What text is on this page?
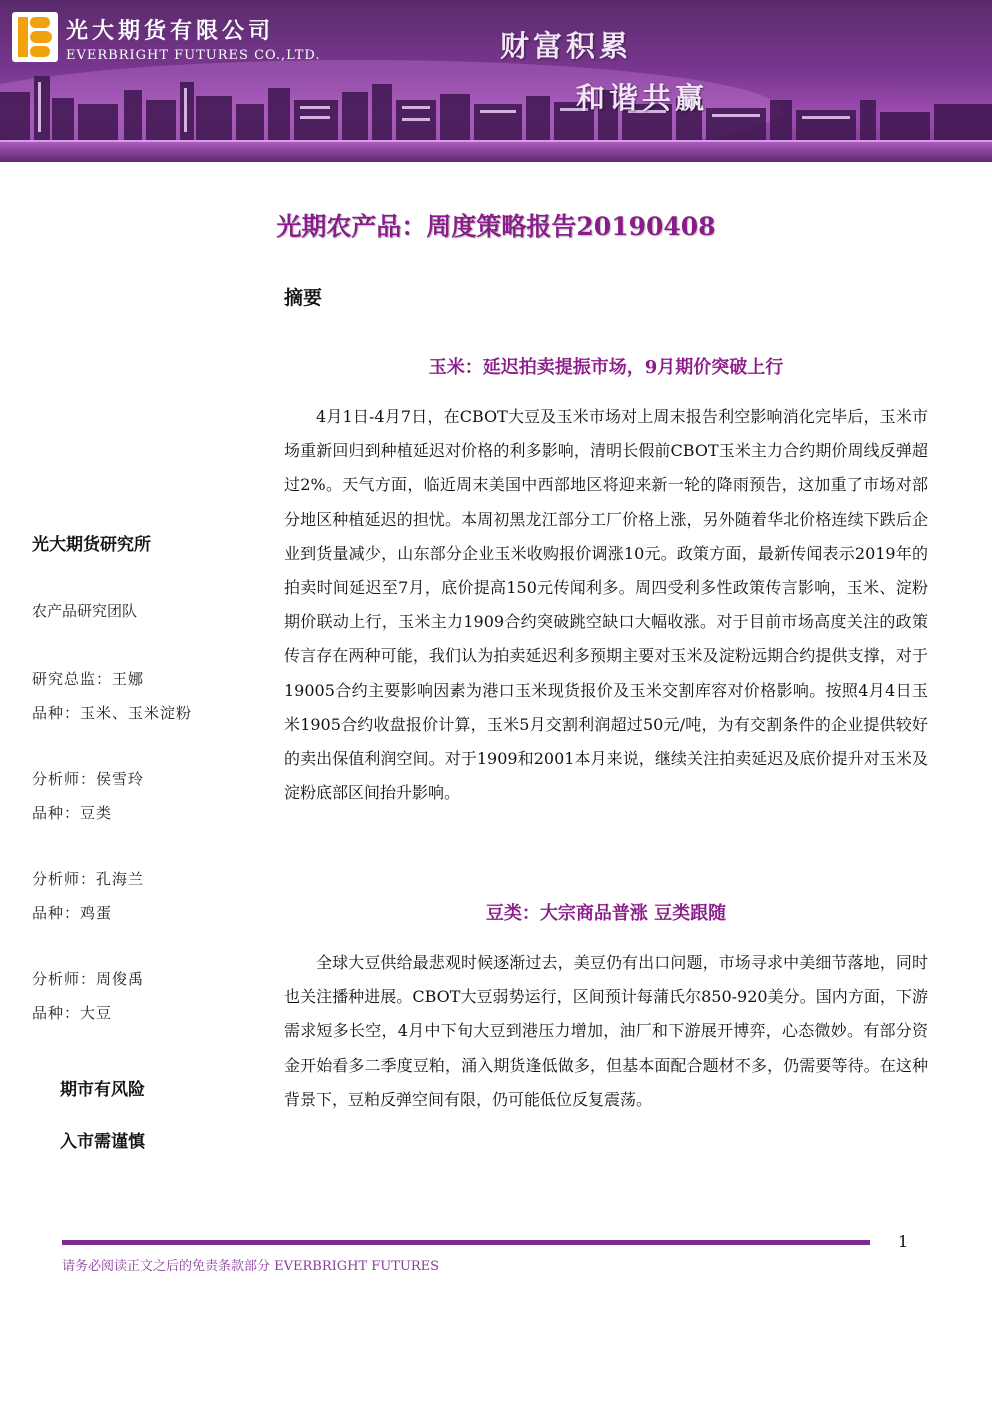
光大期货有限公司
EVERBRIGHT FUTURES CO.,LTD.	财富积累
和谐共赢
光期农产品：周度策略报告20190408
摘要
玉米：延迟拍卖提振市场，9月期价突破上行

4月1日-4月7日，在CBOT大豆及玉米市场对上周末报告利空影响消化完毕后，玉米市场重新回归到种植延迟对价格的利多影响，清明长假前CBOT玉米主力合约期价周线反弹超过2%。天气方面，临近周末美国中西部地区将迎来新一轮的降雨预告，这加重了市场对部分地区种植延迟的担忧。本周初黑龙江部分工厂价格上涨，另外随着华北价格连续下跌后企业到货量减少，山东部分企业玉米收购报价调涨10元。政策方面，最新传闻表示2019年的拍卖时间延迟至7月，底价提高150元传闻利多。周四受利多性政策传言影响，玉米、淀粉期价联动上行，玉米主力1909合约突破跳空缺口大幅收涨。对于目前市场高度关注的政策传言存在两种可能，我们认为拍卖延迟利多预期主要对玉米及淀粉远期合约提供支撑，对于19005合约主要影响因素为港口玉米现货报价及玉米交割库容对价格影响。按照4月4日玉米1905合约收盘报价计算，玉米5月交割利润超过50元/吨，为有交割条件的企业提供较好的卖出保值利润空间。对于1909和2001本月来说，继续关注拍卖延迟及底价提升对玉米及淀粉底部区间抬升影响。

豆类：大宗商品普涨 豆类跟随

全球大豆供给最悲观时候逐渐过去，美豆仍有出口问题，市场寻求中美细节落地，同时也关注播种进展。CBOT大豆弱势运行，区间预计每蒲氏尔850-920美分。国内方面，下游需求短多长空，4月中下旬大豆到港压力增加，油厂和下游展开博弈，心态微妙。有部分资金开始看多二季度豆粕，涌入期货逢低做多，但基本面配合题材不多，仍需要等待。在这种背景下，豆粕反弹空间有限，仍可能低位反复震荡。

光大期货研究所
农产品研究团队
研究总监：王娜
品种：玉米、玉米淀粉
分析师：侯雪玲
品种：豆类
分析师：孔海兰
品种：鸡蛋
分析师：周俊禹
品种：大豆
期市有风险
入市需谨慎
1
请务必阅读正文之后的免责条款部分 EVERBRIGHT FUTURES
